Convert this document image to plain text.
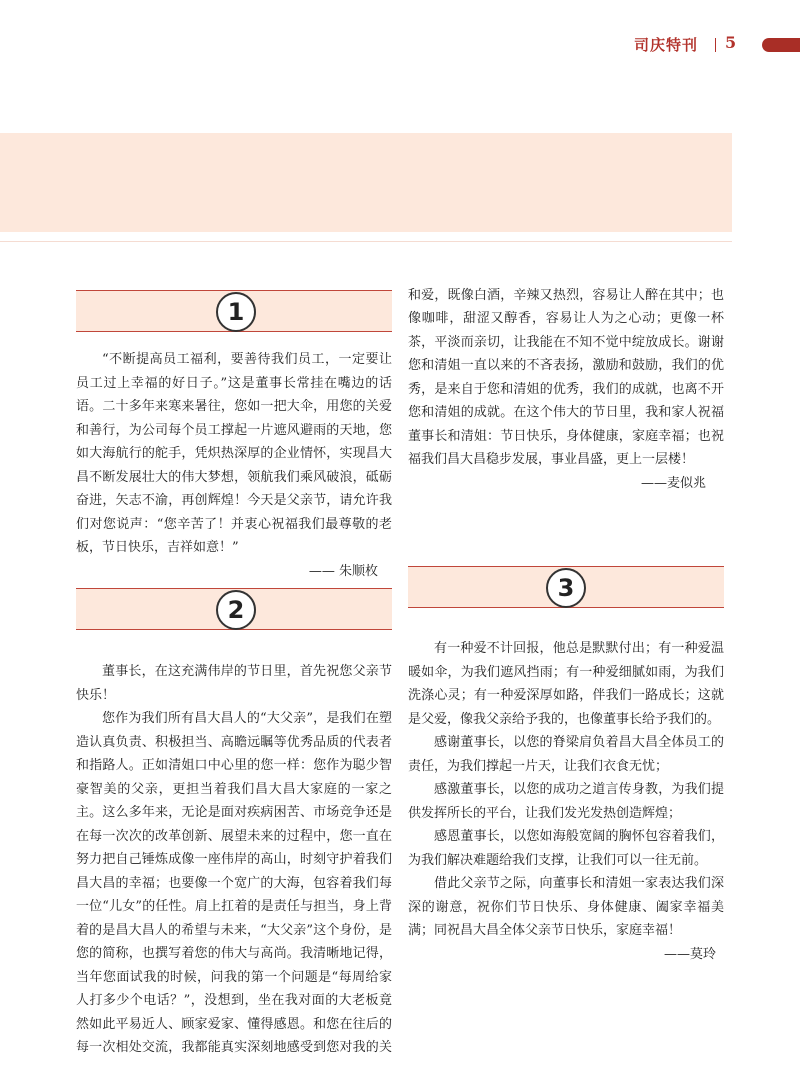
司庆特刊 5
1

“不断提高员工福利，要善待我们员工，一定要让员工过上幸福的好日子。”这是董事长常挂在嘴边的话语。二十多年来寒来暑往，您如一把大伞，用您的关爱和善行，为公司每个员工撑起一片遮风避雨的天地，您如大海航行的舵手，凭炽热深厚的企业情怀，实现昌大昌不断发展壮大的伟大梦想，领航我们乘风破浪，砥砺奋进，矢志不渝，再创辉煌！今天是父亲节，请允许我们对您说声：“您辛苦了！并衷心祝福我们最尊敬的老板，节日快乐，吉祥如意！”

—— 朱顺枚

2

董事长，在这充满伟岸的节日里，首先祝您父亲节快乐！

您作为我们所有昌大昌人的“大父亲”，是我们在塑造认真负责、积极担当、高瞻远瞩等优秀品质的代表者和指路人。正如清姐口中心里的您一样：您作为聪少智豪智美的父亲，更担当着我们昌大昌大家庭的一家之主。这么多年来，无论是面对疾病困苦、市场竞争还是在每一次次的改革创新、展望未来的过程中，您一直在努力把自己锤炼成像一座伟岸的高山，时刻守护着我们昌大昌的幸福；也要像一个宽广的大海，包容着我们每一位“儿女”的任性。肩上扛着的是责任与担当，身上背着的是昌大昌人的希望与未来，“大父亲”这个身份，是您的简称，也撰写着您的伟大与高尚。我清晰地记得，当年您面试我的时候，问我的第一个问题是“每周给家人打多少个电话？”，没想到，坐在我对面的大老板竟然如此平易近人、顾家爱家、懂得感恩。和您在往后的每一次相处交流，我都能真实深刻地感受到您对我的关

和爱，既像白酒，辛辣又热烈，容易让人醉在其中；也像咖啡，甜涩又醇香，容易让人为之心动；更像一杯茶，平淡而亲切，让我能在不知不觉中绽放成长。谢谢您和清姐一直以来的不吝表扬，激励和鼓励，我们的优秀，是来自于您和清姐的优秀，我们的成就，也离不开您和清姐的成就。在这个伟大的节日里，我和家人祝福董事长和清姐：节日快乐，身体健康，家庭幸福；也祝福我们昌大昌稳步发展，事业昌盛，更上一层楼！

——麦似兆

3

有一种爱不计回报，他总是默默付出；有一种爱温暖如伞，为我们遮风挡雨；有一种爱细腻如雨，为我们洗涤心灵；有一种爱深厚如路，伴我们一路成长；这就是父爱，像我父亲给予我的，也像董事长给予我们的。

感谢董事长，以您的脊梁肩负着昌大昌全体员工的责任，为我们撑起一片天，让我们衣食无忧；

感激董事长，以您的成功之道言传身教，为我们提供发挥所长的平台，让我们发光发热创造辉煌；

感恩董事长，以您如海般宽阔的胸怀包容着我们，为我们解决难题给我们支撑，让我们可以一往无前。

借此父亲节之际，向董事长和清姐一家表达我们深深的谢意，祝你们节日快乐、身体健康、阖家幸福美满；同祝昌大昌全体父亲节日快乐，家庭幸福！

——莫玲
